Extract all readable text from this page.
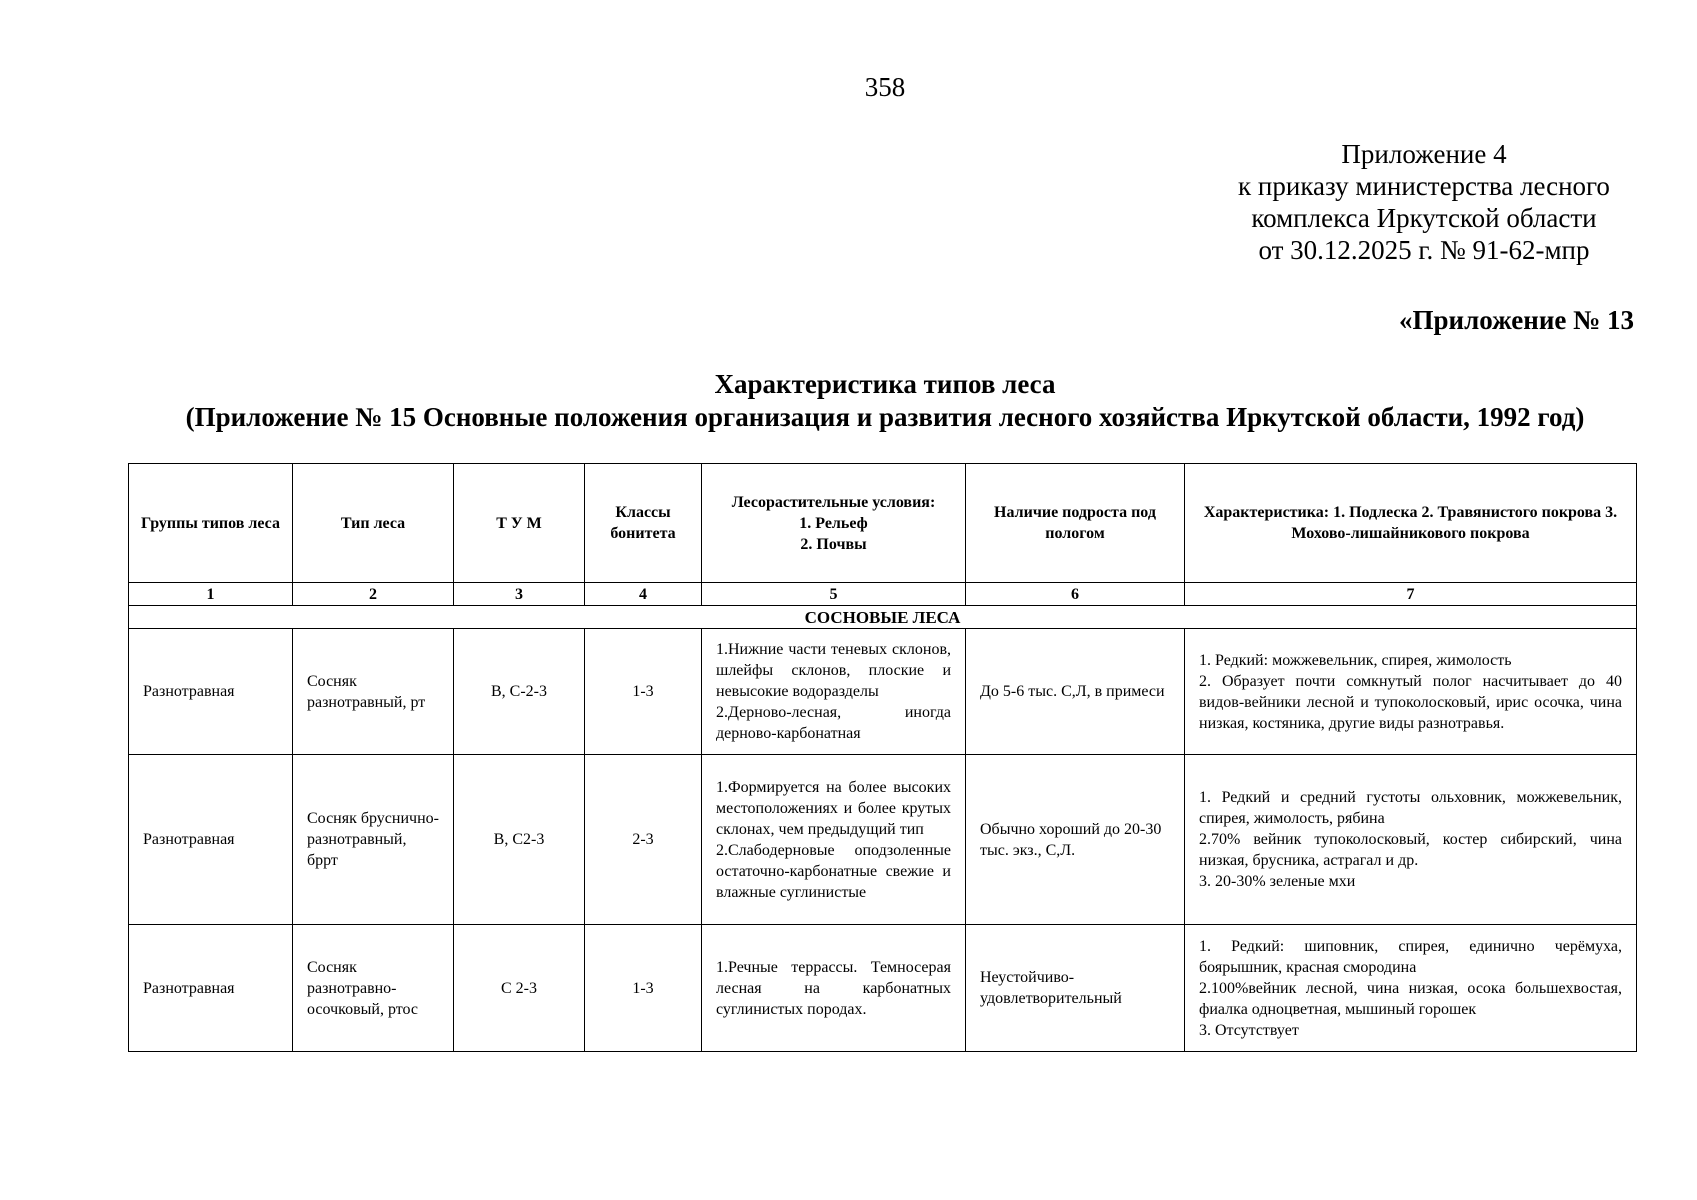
358
Приложение 4
к приказу министерства лесного
комплекса Иркутской области
от 30.12.2025 г. № 91-62-мпр
«Приложение № 13
Характеристика типов леса
(Приложение № 15 Основные положения организация и развития лесного хозяйства Иркутской области, 1992 год)
Группы типов леса	Тип леса	Т У М	Классы бонитета	Лесорастительные условия:
1. Рельеф
2. Почвы	Наличие подроста под пологом	Характеристика: 1. Подлеска 2. Травянистого покрова 3. Мохово-лишайникового покрова
1	2	3	4	5	6	7
СОСНОВЫЕ ЛЕСА						
Разнотравная	Сосняк разнотравный, рт	В, С-2-3	1-3	1.Нижние части теневых склонов, шлейфы склонов, плоские и невысокие водоразделы
2.Дерново-лесная, иногда дерново-карбонатная	До 5-6 тыс. С,Л, в примеси	1. Редкий: можжевельник, спирея, жимолость
2. Образует почти сомкнутый полог насчитывает до 40 видов-вейники лесной и тупоколосковый, ирис осочка, чина низкая, костяника, другие виды разнотравья.

Разнотравная	Сосняк бруснично-разнотравный, бррт	В, С2-3	2-3	1.Формируется на более высоких местоположениях и более крутых склонах, чем предыдущий тип
2.Слабодерновые оподзоленные остаточно-карбонатные свежие и влажные суглинистые	Обычно хороший до 20-30 тыс. экз., С,Л.	1. Редкий и средний густоты ольховник, можжевельник, спирея, жимолость, рябина
2.70% вейник тупоколосковый, костер сибирский, чина низкая, брусника, астрагал и др.
3. 20-30% зеленые мхи

Разнотравная	Сосняк разнотравно-осочковый, ртос	С 2-3	1-3	1.Речные террассы. Темносерая лесная на карбонатных суглинистых породах.	Неустойчиво-удовлетворительный	1. Редкий: шиповник, спирея, единично черёмуха, боярышник, красная смородина
2.100%вейник лесной, чина низкая, осока большехвостая, фиалка одноцветная, мышиный горошек
3. Отсутствует
